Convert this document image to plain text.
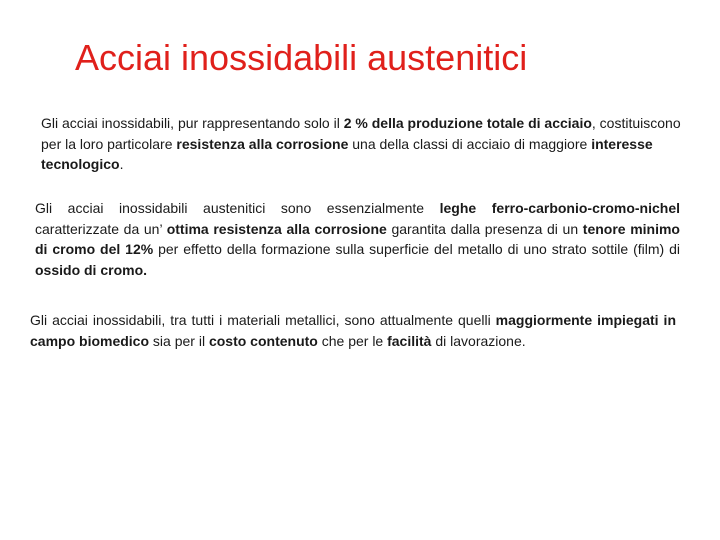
Acciai inossidabili austenitici

Gli acciai inossidabili, pur rappresentando solo il 2 % della produzione totale di acciaio, costituiscono per la loro particolare resistenza alla corrosione una della classi di acciaio di maggiore interesse tecnologico.

Gli acciai inossidabili austenitici sono essenzialmente leghe ferro-carbonio-cromo-nichel caratterizzate da un’ ottima resistenza alla corrosione garantita dalla presenza di un tenore minimo di cromo del 12% per effetto della formazione sulla superficie del metallo di uno strato sottile (film) di ossido di cromo.

Gli acciai inossidabili, tra tutti i materiali metallici, sono attualmente quelli maggiormente impiegati in campo biomedico sia per il costo contenuto che per le facilità di lavorazione.
